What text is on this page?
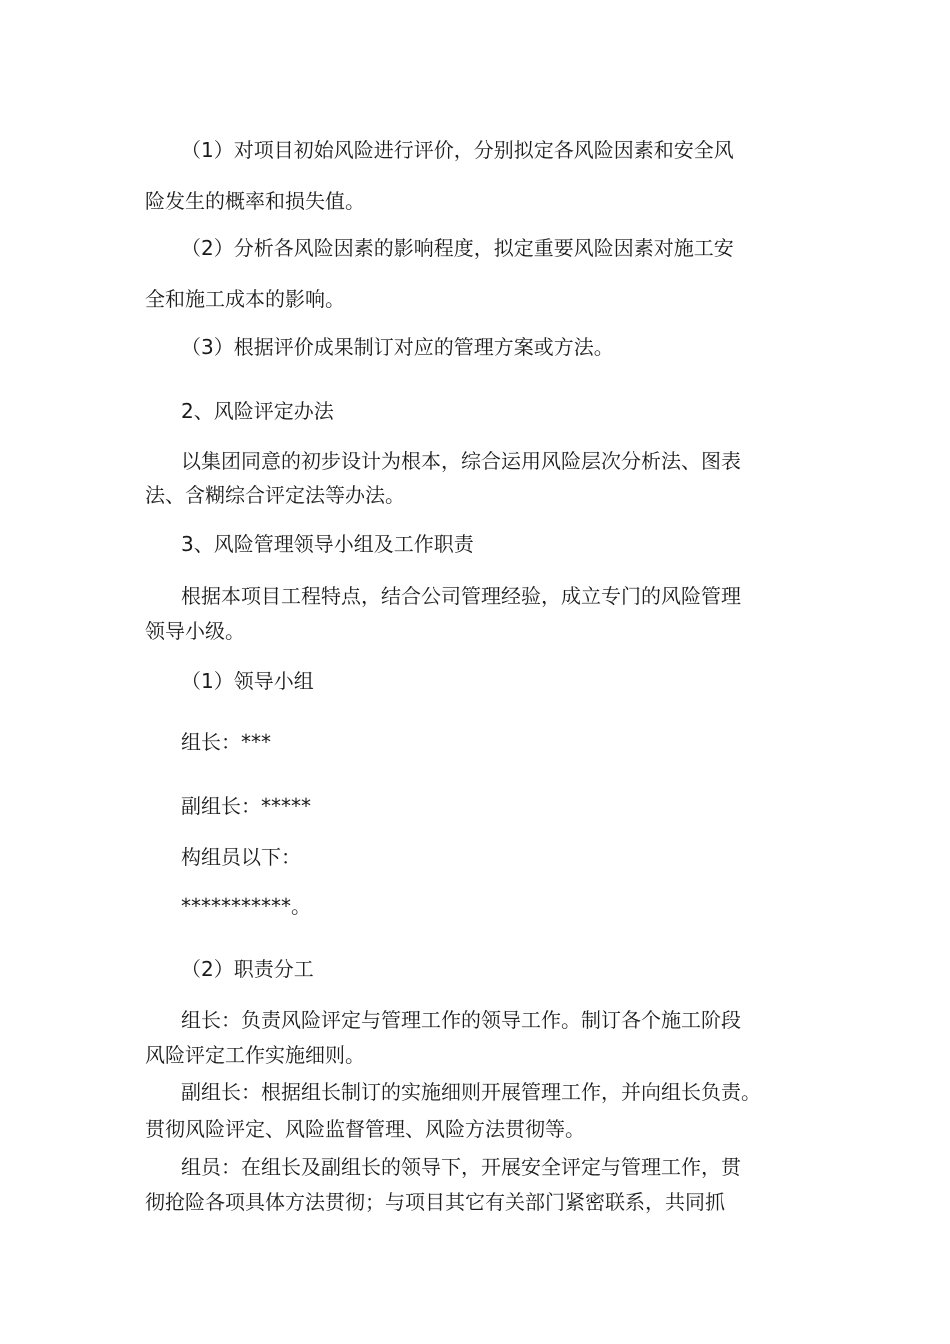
（1）对项目初始风险进行评价，分别拟定各风险因素和安全风
险发生的概率和损失值。
（2）分析各风险因素的影响程度，拟定重要风险因素对施工安
全和施工成本的影响。
（3）根据评价成果制订对应的管理方案或方法。
2、风险评定办法
以集团同意的初步设计为根本，综合运用风险层次分析法、图表
法、含糊综合评定法等办法。
3、风险管理领导小组及工作职责
根据本项目工程特点，结合公司管理经验，成立专门的风险管理
领导小级。
（1）领导小组
组长：***
副组长：*****
构组员以下：
***********。
（2）职责分工
组长：负责风险评定与管理工作的领导工作。制订各个施工阶段
风险评定工作实施细则。
副组长：根据组长制订的实施细则开展管理工作，并向组长负责。
贯彻风险评定、风险监督管理、风险方法贯彻等。
组员：在组长及副组长的领导下，开展安全评定与管理工作，贯
彻抢险各项具体方法贯彻；与项目其它有关部门紧密联系，共同抓
